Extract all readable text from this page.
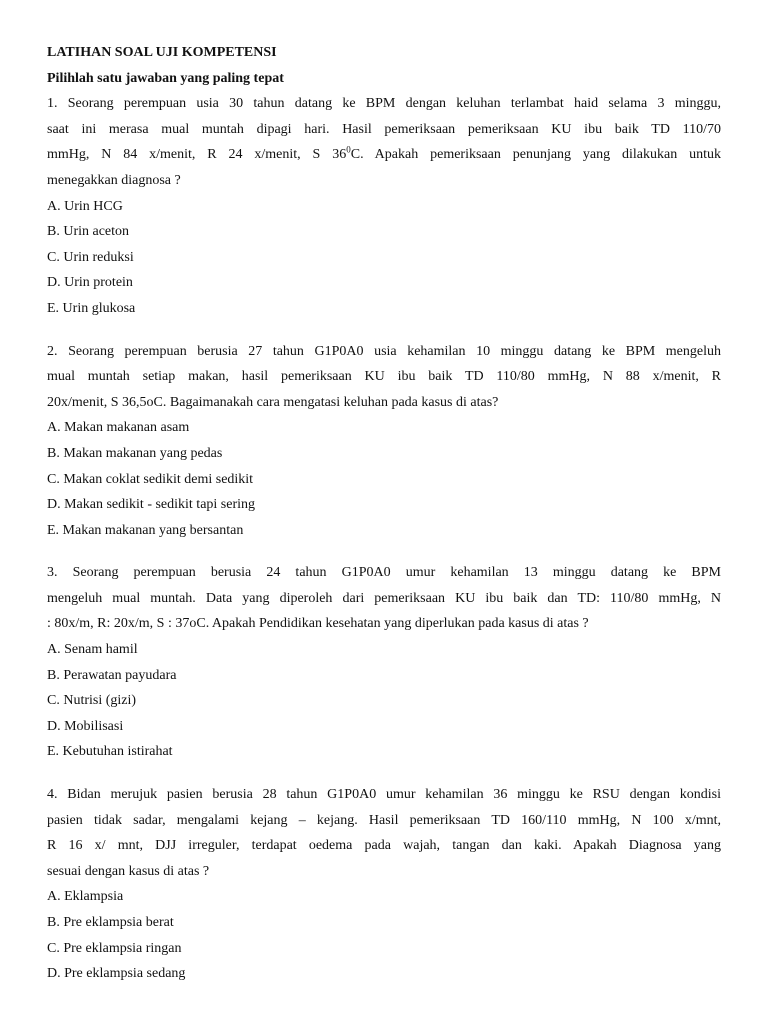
LATIHAN SOAL UJI KOMPETENSI
Pilihlah satu jawaban yang paling tepat
1. Seorang perempuan usia 30 tahun datang ke BPM dengan keluhan terlambat haid selama 3 minggu,
saat ini merasa mual muntah dipagi hari. Hasil pemeriksaan pemeriksaan KU ibu baik TD 110/70
mmHg, N 84 x/menit, R 24 x/menit, S $36^0C$. Apakah pemeriksaan penunjang yang dilakukan untuk
menegakkan diagnosa ?
A. Urin HCG
B. Urin aceton
C. Urin reduksi
D. Urin protein
E. Urin glukosa
2. Seorang perempuan berusia 27 tahun G1P0A0 usia kehamilan 10 minggu datang ke BPM mengeluh
mual muntah setiap makan, hasil pemeriksaan KU ibu baik TD 110/80 mmHg, N 88 x/menit, R
20x/menit, S 36,5oC. Bagaimanakah cara mengatasi keluhan pada kasus di atas?
A. Makan makanan asam
B. Makan makanan yang pedas
C. Makan coklat sedikit demi sedikit
D. Makan sedikit - sedikit tapi sering
E. Makan makanan yang bersantan
3. Seorang perempuan berusia 24 tahun G1P0A0 umur kehamilan 13 minggu datang ke BPM
mengeluh mual muntah. Data yang diperoleh dari pemeriksaan KU ibu baik dan TD: 110/80 mmHg, N
: 80x/m, R: 20x/m, S : 37oC. Apakah Pendidikan kesehatan yang diperlukan pada kasus di atas ?
A. Senam hamil
B. Perawatan payudara
C. Nutrisi (gizi)
D. Mobilisasi
E. Kebutuhan istirahat
4. Bidan merujuk pasien berusia 28 tahun G1P0A0 umur kehamilan 36 minggu ke RSU dengan kondisi
pasien tidak sadar, mengalami kejang – kejang. Hasil pemeriksaan TD 160/110 mmHg, N 100 x/mnt,
R 16 x/ mnt, DJJ irreguler, terdapat oedema pada wajah, tangan dan kaki. Apakah Diagnosa yang
sesuai dengan kasus di atas ?
A. Eklampsia
B. Pre eklampsia berat
C. Pre eklampsia ringan
D. Pre eklampsia sedang
